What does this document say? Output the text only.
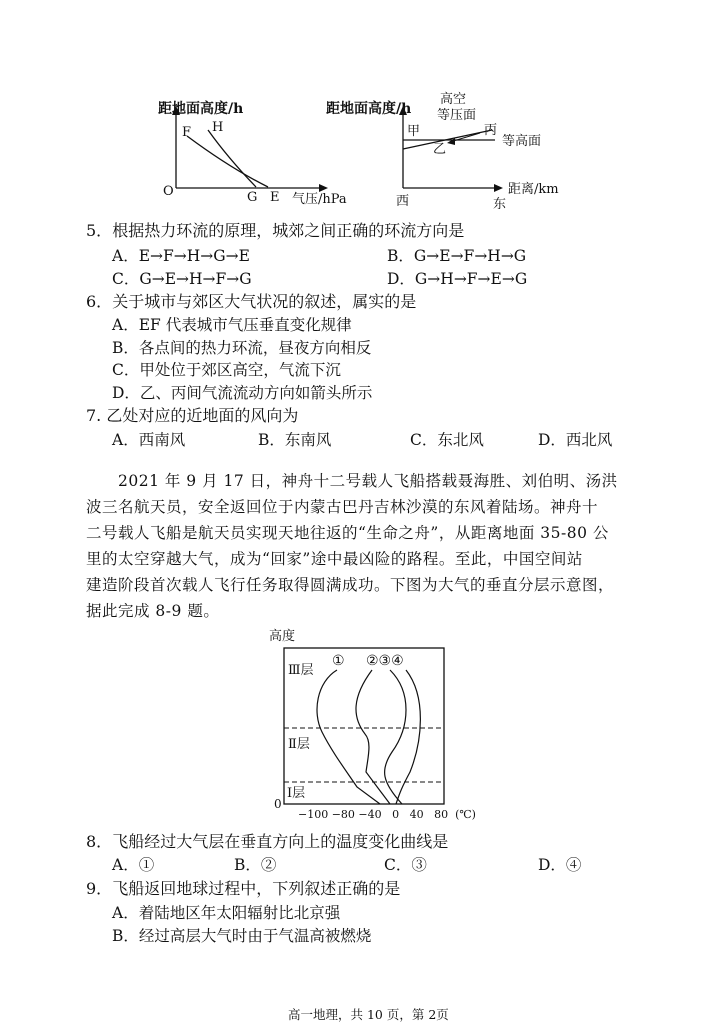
距地面高度/h
O
F H
G E 气压/hPa
距地面高度/h
高空
等压面
甲	丙
乙
等高面
西	东
距离/km
5．根据热力环流的原理，城郊之间正确的环流方向是
A．E→F→H→G→E	B．G→E→F→H→G
C．G→E→H→F→G	D．G→H→F→E→G
6．关于城市与郊区大气状况的叙述，属实的是
A．EF 代表城市气压垂直变化规律
B．各点间的热力环流，昼夜方向相反
C．甲处位于郊区高空，气流下沉
D．乙、丙间气流流动方向如箭头所示
7. 乙处对应的近地面的风向为
A．西南风	B．东南风	C．东北风	D．西北风
2021 年 9 月 17 日，神舟十二号载人飞船搭载聂海胜、刘伯明、汤洪
波三名航天员，安全返回位于内蒙古巴丹吉林沙漠的东风着陆场。神舟十
二号载人飞船是航天员实现天地往返的“生命之舟”，从距离地面 35-80 公
里的太空穿越大气，成为“回家”途中最凶险的路程。至此，中国空间站
建造阶段首次载人飞行任务取得圆满成功。下图为大气的垂直分层示意图，
据此完成 8-9 题。
高度
0
Ⅲ层
Ⅱ层
Ⅰ层
① ②③④
−100 −80 −40   0   40   80  (℃)
8．飞船经过大气层在垂直方向上的温度变化曲线是
A．①	B．②	C．③	D．④
9．飞船返回地球过程中，下列叙述正确的是
A．着陆地区年太阳辐射比北京强
B．经过高层大气时由于气温高被燃烧
高一地理，共 10 页，第 2页
